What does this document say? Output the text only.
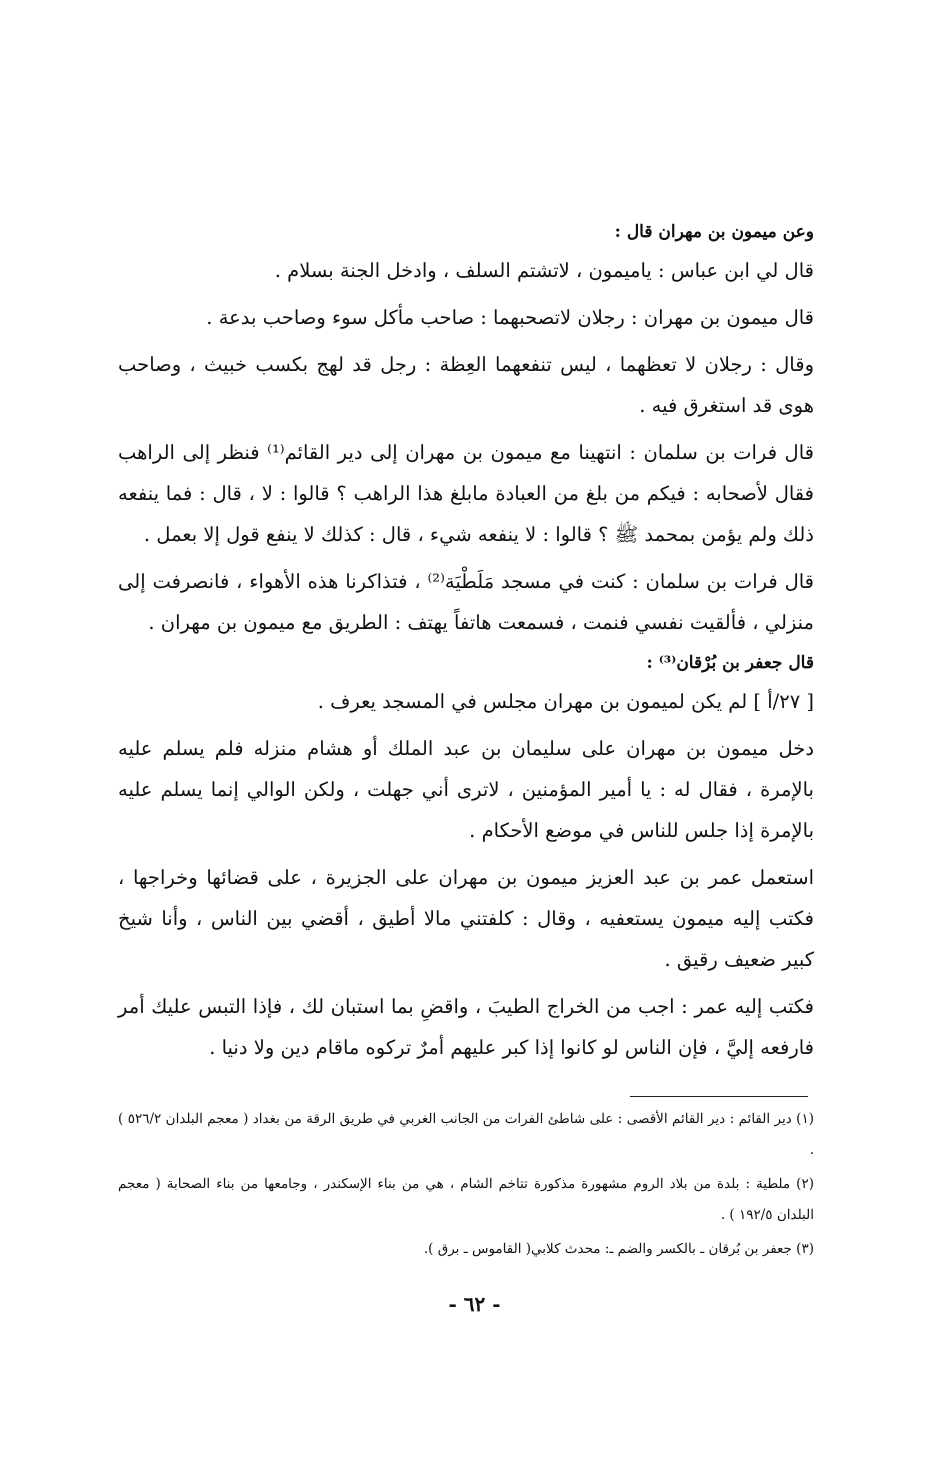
وعن ميمون بن مهران قال :

قال لي ابن عباس : ياميمون ، لاتشتم السلف ، وادخل الجنة بسلام .

قال ميمون بن مهران : رجلان لاتصحبهما : صاحب مأكل سوء وصاحب بدعة .

وقال : رجلان لا تعظهما ، ليس تنفعهما العِظة : رجل قد لهج بكسب خبيث ، وصاحب هوى قد استغرق فيه .

قال فرات بن سلمان : انتهينا مع ميمون بن مهران إلى دير القائم⁽¹⁾ فنظر إلى الراهب فقال لأصحابه : فيكم من بلغ من العبادة مابلغ هذا الراهب ؟ قالوا : لا ، قال : فما ينفعه ذلك ولم يؤمن بمحمد ﷺ ؟ قالوا : لا ينفعه شيء ، قال : كذلك لا ينفع قول إلا بعمل .

قال فرات بن سلمان : كنت في مسجد مَلَطْيَة⁽²⁾ ، فتذاكرنا هذه الأهواء ، فانصرفت إلى منزلي ، فألقيت نفسي فنمت ، فسمعت هاتفاً يهتف : الطريق مع ميمون بن مهران .

قال جعفر بن بُرْقان⁽³⁾ :

[ ٢٧/أ ] لم يكن لميمون بن مهران مجلس في المسجد يعرف .

دخل ميمون بن مهران على سليمان بن عبد الملك أو هشام منزله فلم يسلم عليه بالإمرة ، فقال له : يا أمير المؤمنين ، لاترى أني جهلت ، ولكن الوالي إنما يسلم عليه بالإمرة إذا جلس للناس في موضع الأحكام .

استعمل عمر بن عبد العزيز ميمون بن مهران على الجزيرة ، على قضائها وخراجها ، فكتب إليه ميمون يستعفيه ، وقال : كلفتني مالا أطيق ، أقضي بين الناس ، وأنا شيخ كبير ضعيف رقيق .

فكتب إليه عمر : اجب من الخراج الطيبَ ، واقضِ بما استبان لك ، فإذا التبس عليك أمر فارفعه إليَّ ، فإن الناس لو كانوا إذا كبر عليهم أمرٌ تركوه ماقام دين ولا دنيا .

(١) دير القائم : دير القائم الأقصى : على شاطئ الفرات من الجانب الغربي في طريق الرقة من بغداد ( معجم البلدان ٥٢٦/٢ ) .

(٢) ملطية : بلدة من بلاد الروم مشهورة مذكورة تتاخم الشام ، هي من بناء الإسكندر ، وجامعها من بناء الصحابة ( معجم البلدان ١٩٢/٥ ) .

(٣) جعفر بن بُرقان ـ بالكسر والضم ـ: محدث كلابي( القاموس ـ برق ).

- ٦٢ -
